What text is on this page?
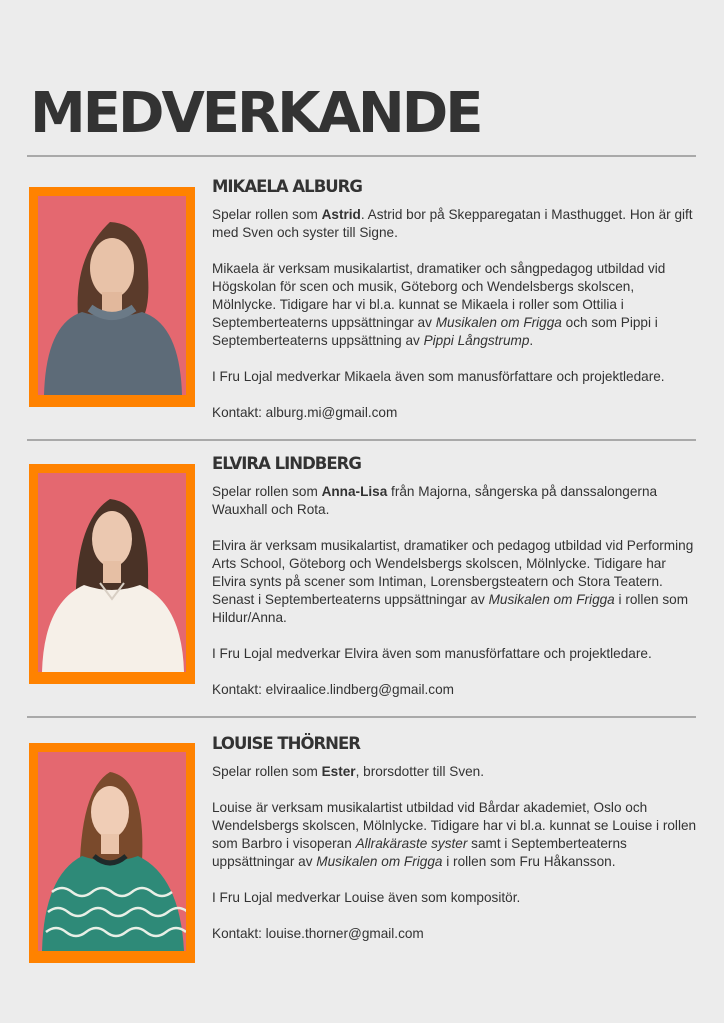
MEDVERKANDE
MIKAELA ALBURG

Spelar rollen som Astrid. Astrid bor på Skepparegatan i Masthugget. Hon är gift med Sven och syster till Signe.

Mikaela är verksam musikalartist, dramatiker och sångpedagog utbildad vid Högskolan för scen och musik, Göteborg och Wendelsbergs skolscen, Mölnlycke. Tidigare har vi bl.a. kunnat se Mikaela i roller som Ottilia i Septemberteaterns uppsättningar av Musikalen om Frigga och som Pippi i Septemberteaterns uppsättning av Pippi Långstrump.

I Fru Lojal medverkar Mikaela även som manusförfattare och projektledare.

Kontakt: alburg.mi@gmail.com

ELVIRA LINDBERG

Spelar rollen som Anna-Lisa från Majorna, sångerska på danssalongerna Wauxhall och Rota.

Elvira är verksam musikalartist, dramatiker och pedagog utbildad vid Performing Arts School, Göteborg och Wendelsbergs skolscen, Mölnlycke. Tidigare har Elvira synts på scener som Intiman, Lorensbergsteatern och Stora Teatern. Senast i Septemberteaterns uppsättningar av Musikalen om Frigga i rollen som Hildur/Anna.

I Fru Lojal medverkar Elvira även som manusförfattare och projektledare.

Kontakt: elviraalice.lindberg@gmail.com

LOUISE THÖRNER

Spelar rollen som Ester, brorsdotter till Sven.

Louise är verksam musikalartist utbildad vid Bårdar akademiet, Oslo och Wendelsbergs skolscen, Mölnlycke. Tidigare har vi bl.a. kunnat se Louise i rollen som Barbro i visoperan Allrakäraste syster samt i Septemberteaterns uppsättningar av Musikalen om Frigga i rollen som Fru Håkansson.

I Fru Lojal medverkar Louise även som kompositör.

Kontakt: louise.thorner@gmail.com
